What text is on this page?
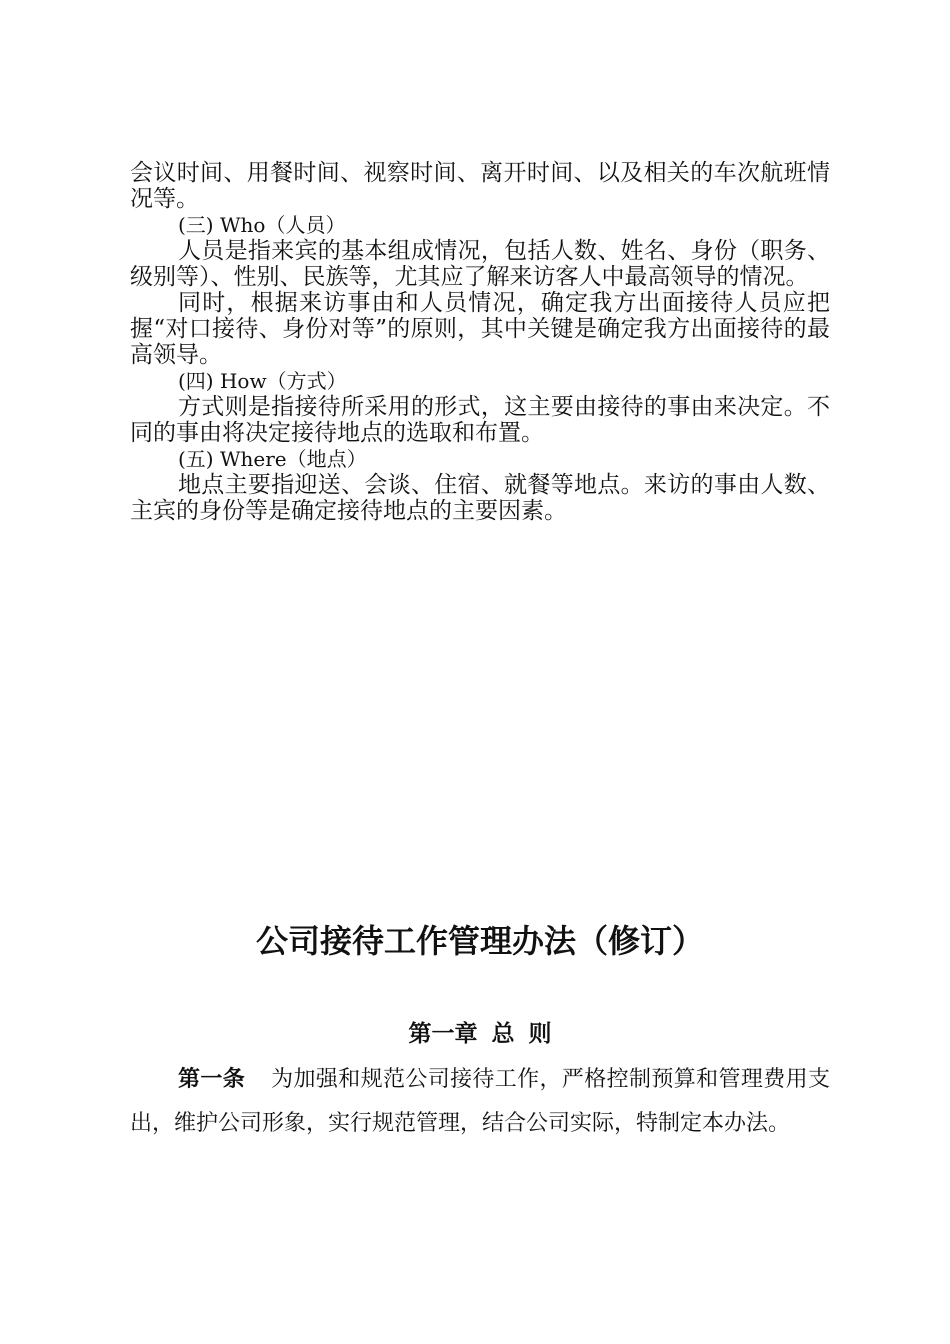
会议时间、用餐时间、视察时间、离开时间、以及相关的车次航班情况等。

(三) Who（人员）

人员是指来宾的基本组成情况，包括人数、姓名、身份（职务、级别等）、性别、民族等，尤其应了解来访客人中最高领导的情况。

同时，根据来访事由和人员情况，确定我方出面接待人员应把握“对口接待、身份对等”的原则，其中关键是确定我方出面接待的最高领导。

(四) How（方式）

方式则是指接待所采用的形式，这主要由接待的事由来决定。不同的事由将决定接待地点的选取和布置。

(五) Where（地点）

地点主要指迎送、会谈、住宿、就餐等地点。来访的事由人数、主宾的身份等是确定接待地点的主要因素。

公司接待工作管理办法（修订）
第一章 总 则

第一条 为加强和规范公司接待工作，严格控制预算和管理费用支出，维护公司形象，实行规范管理，结合公司实际，特制定本办法。
